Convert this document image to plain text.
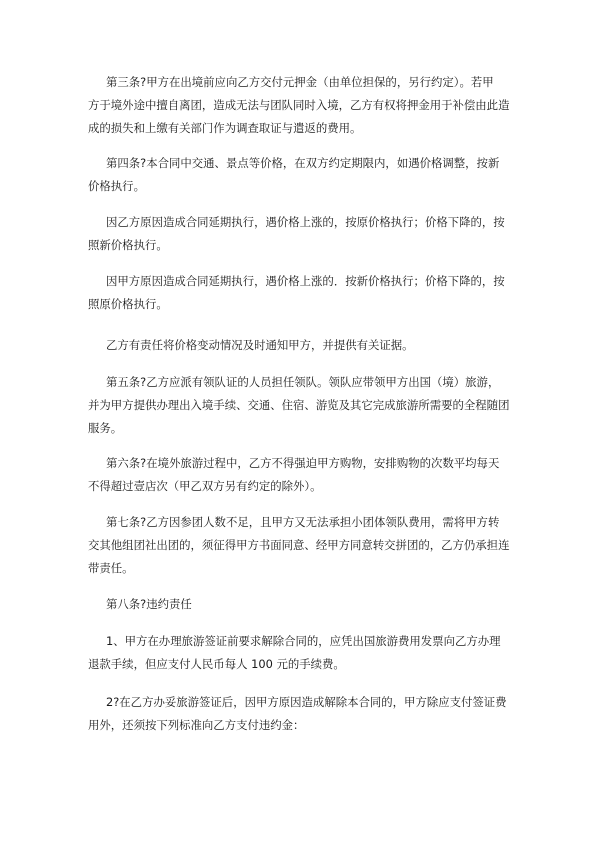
第三条?甲方在出境前应向乙方交付元押金（由单位担保的，另行约定）。若甲
方于境外途中擅自离团，造成无法与团队同时入境，乙方有权将押金用于补偿由此造
成的损失和上缴有关部门作为调查取证与遣返的费用。
第四条?本合同中交通、景点等价格，在双方约定期限内，如遇价格调整，按新
价格执行。
因乙方原因造成合同延期执行，遇价格上涨的，按原价格执行；价格下降的，按
照新价格执行。
因甲方原因造成合同延期执行，遇价格上涨的．按新价格执行；价格下降的，按
照原价格执行。
乙方有责任将价格变动情况及时通知甲方，并提供有关证据。
第五条?乙方应派有领队证的人员担任领队。领队应带领甲方出国（境）旅游，
并为甲方提供办理出入境手续、交通、住宿、游览及其它完成旅游所需要的全程随团
服务。
第六条?在境外旅游过程中，乙方不得强迫甲方购物，安排购物的次数平均每天
不得超过壹店次（甲乙双方另有约定的除外）。
第七条?乙方因参团人数不足，且甲方又无法承担小团体领队费用，需将甲方转
交其他组团社出团的，须征得甲方书面同意、经甲方同意转交拼团的，乙方仍承担连
带责任。
第八条?违约责任
1、甲方在办理旅游签证前要求解除合同的，应凭出国旅游费用发票向乙方办理
退款手续，但应支付人民币每人 100 元的手续费。
2?在乙方办妥旅游签证后，因甲方原因造成解除本合同的，甲方除应支付签证费
用外，还须按下列标准向乙方支付违约金：
